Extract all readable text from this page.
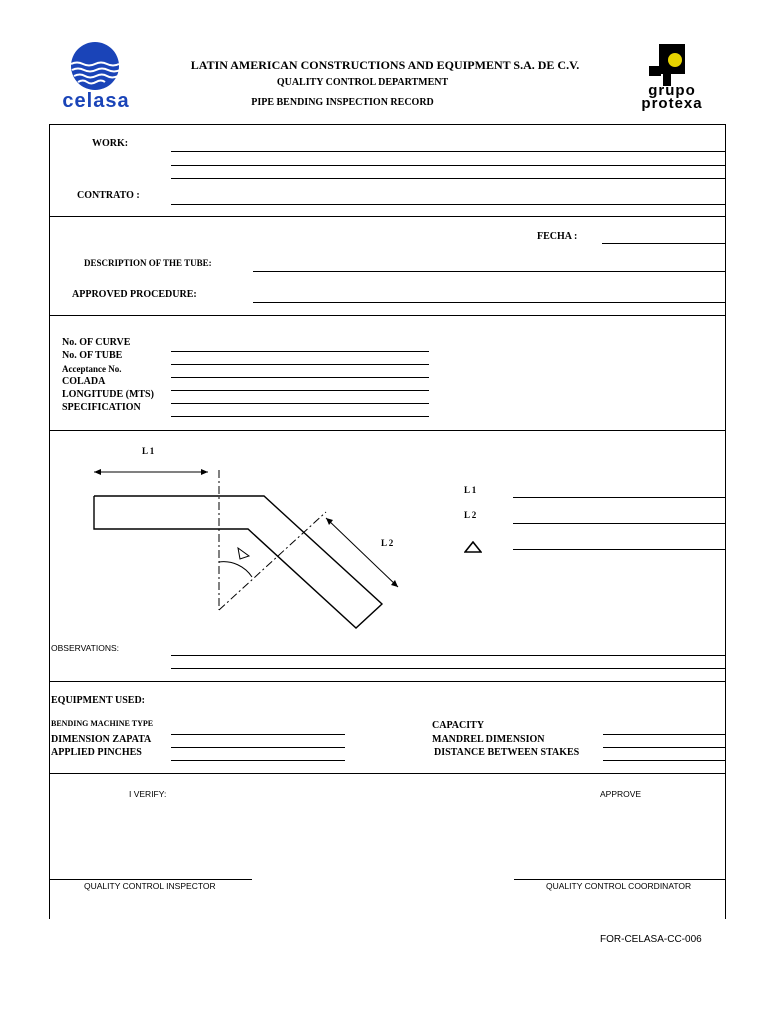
celasa
LATIN AMERICAN CONSTRUCTIONS AND EQUIPMENT S.A. DE C.V.
QUALITY CONTROL DEPARTMENT
PIPE BENDING INSPECTION RECORD
grupo
protexa
WORK:
CONTRATO :
FECHA :
DESCRIPTION OF THE TUBE:
APPROVED PROCEDURE:
No. OF CURVE
No. OF TUBE
Acceptance No.
COLADA
LONGITUDE (MTS)
SPECIFICATION
L 1
L 2
L 1
L 2
OBSERVATIONS:
EQUIPMENT USED:
BENDING MACHINE TYPE
DIMENSION ZAPATA
APPLIED PINCHES
CAPACITY
MANDREL DIMENSION
DISTANCE BETWEEN STAKES
I VERIFY:	APPROVE
QUALITY CONTROL INSPECTOR	QUALITY CONTROL COORDINATOR
FOR-CELASA-CC-006
